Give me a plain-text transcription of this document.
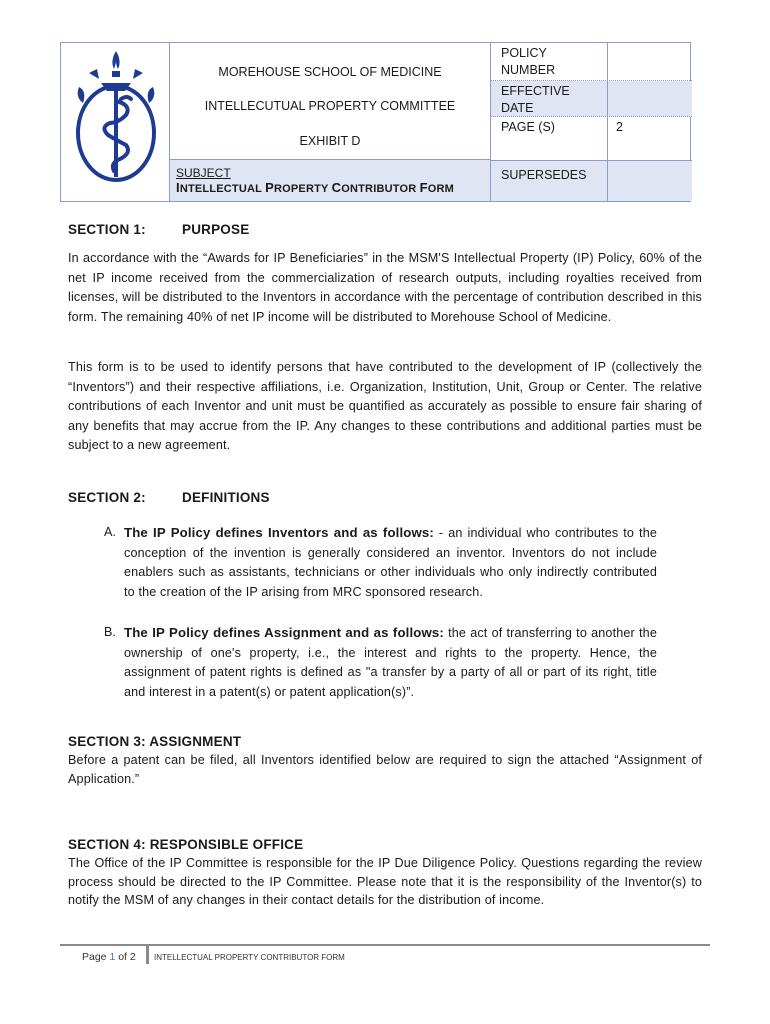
MOREHOUSE SCHOOL OF MEDICINE
INTELLECUTUAL PROPERTY COMMITTEE
EXHIBIT D
SUBJECT
INTELLECTUAL PROPERTY CONTRIBUTOR FORM
POLICY NUMBER
EFFECTIVE DATE
PAGE (S)	2
SUPERSEDES
SECTION 1:	PURPOSE
In accordance with the “Awards for IP Beneficiaries” in the MSM'S Intellectual Property (IP) Policy, 60% of the net IP income received from the commercialization of research outputs, including royalties received from licenses, will be distributed to the Inventors in accordance with the percentage of contribution described in this form. The remaining 40% of net IP income will be distributed to Morehouse School of Medicine.
This form is to be used to identify persons that have contributed to the development of IP (collectively the “Inventors”) and their respective affiliations, i.e. Organization, Institution, Unit, Group or Center. The relative contributions of each Inventor and unit must be quantified as accurately as possible to ensure fair sharing of any benefits that may accrue from the IP. Any changes to these contributions and additional parties must be subject to a new agreement.
SECTION 2:	DEFINITIONS
A. The IP Policy defines Inventors and as follows: - an individual who contributes to the conception of the invention is generally considered an inventor. Inventors do not include enablers such as assistants, technicians or other individuals who only indirectly contributed to the creation of the IP arising from MRC sponsored research.
B. The IP Policy defines Assignment and as follows: the act of transferring to another the ownership of one's property, i.e., the interest and rights to the property. Hence, the assignment of patent rights is defined as "a transfer by a party of all or part of its right, title and interest in a patent(s) or patent application(s)”.
SECTION 3: ASSIGNMENT
Before a patent can be filed, all Inventors identified below are required to sign the attached “Assignment of Application.”
SECTION 4: RESPONSIBLE OFFICE
The Office of the IP Committee is responsible for the IP Due Diligence Policy. Questions regarding the review process should be directed to the IP Committee. Please note that it is the responsibility of the Inventor(s) to notify the MSM of any changes in their contact details for the distribution of income.
Page 1 of 2 INTELLECTUAL PROPERTY CONTRIBUTOR FORM
